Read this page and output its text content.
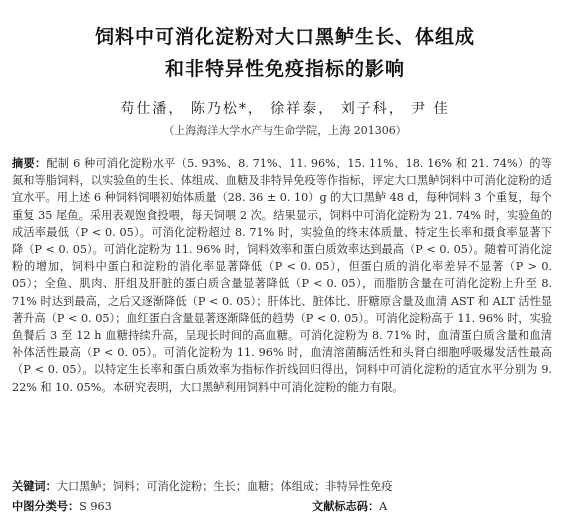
饲料中可消化淀粉对大口黑鲈生长、体组成
和非特异性免疫指标的影响
苟仕潘， 陈乃松*， 徐祥泰， 刘子科， 尹 佳
（上海海洋大学水产与生命学院，上海 201306）
摘要：配制 6 种可消化淀粉水平（5. 93%、8. 71%、11. 96%、15. 11%、18. 16% 和 21. 74%）的等氮和等脂饲料，以实验鱼的生长、体组成、血糖及非特异免疫等作指标，评定大口黑鲈饲料中可消化淀粉的适宜水平。用上述 6 种饲料饲喂初始体质量（28. 36 ± 0. 10）g 的大口黑鲈 48 d，每种饲料 3 个重复，每个重复 35 尾鱼。采用表观饱食投喂，每天饲喂 2 次。结果显示，饲料中可消化淀粉为 21. 74% 时，实验鱼的成活率最低（P < 0. 05）。可消化淀粉超过 8. 71% 时，实验鱼的终末体质量、特定生长率和摄食率显著下降（P < 0. 05）。可消化淀粉为 11. 96% 时，饲料效率和蛋白质效率达到最高（P < 0. 05）。随着可消化淀粉的增加，饲料中蛋白和淀粉的消化率显著降低（P < 0. 05），但蛋白质的消化率差异不显著（P > 0. 05）；全鱼、肌肉、肝组及肝脏的蛋白质含量显著降低（P < 0. 05），而脂肪含量在可消化淀粉上升至 8. 71% 时达到最高，之后又逐渐降低（P < 0. 05）；肝体比、脏体比、肝糖原含量及血清 AST 和 ALT 活性显著升高（P < 0. 05）；血红蛋白含量显著逐渐降低的趋势（P < 0. 05）。可消化淀粉高于 11. 96% 时，实验鱼餐后 3 至 12 h 血糖持续升高，呈现长时间的高血糖。可消化淀粉为 8. 71% 时，血清蛋白质含量和血清补体活性最高（P < 0. 05）。可消化淀粉为 11. 96% 时，血清溶菌酶活性和头肾白细胞呼吸爆发活性最高（P < 0. 05）。以特定生长率和蛋白质效率为指标作折线回归得出，饲料中可消化淀粉的适宜水平分别为 9. 22% 和 10. 05%。本研究表明，大口黑鲈利用饲料中可消化淀粉的能力有限。
关键词：大口黑鲈；饲料；可消化淀粉；生长；血糖；体组成；非特异性免疫
中图分类号：S 963	文献标志码：A
